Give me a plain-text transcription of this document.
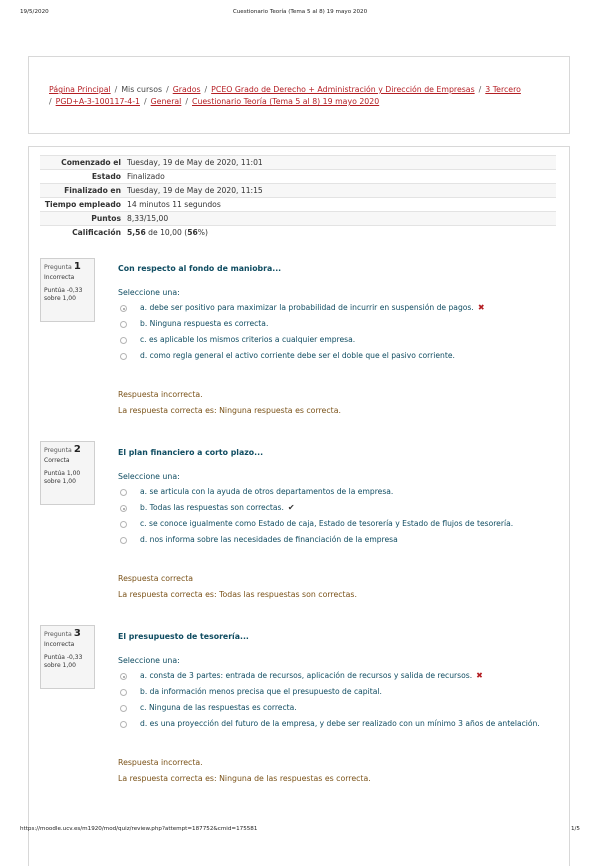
19/5/2020	Cuestionario Teoría (Tema 5 al 8) 19 mayo 2020
Página Principal / Mis cursos / Grados / PCEO Grado de Derecho + Administración y Dirección de Empresas / 3 Tercero
/ PGD+A-3-100117-4-1 / General / Cuestionario Teoría (Tema 5 al 8) 19 mayo 2020
Comenzado el	Tuesday, 19 de May de 2020, 11:01
Estado	Finalizado
Finalizado en	Tuesday, 19 de May de 2020, 11:15
Tiempo empleado	14 minutos 11 segundos
Puntos	8,33/15,00
Calificación	5,56 de 10,00 (56%)
Pregunta 1
Incorrecta
Puntúa -0,33
sobre 1,00
Con respecto al fondo de maniobra...
Seleccione una:
a. debe ser positivo para maximizar la probabilidad de incurrir en suspensión de pagos. ✖
b. Ninguna respuesta es correcta.
c. es aplicable los mismos criterios a cualquier empresa.
d. como regla general el activo corriente debe ser el doble que el pasivo corriente.
Respuesta incorrecta.
La respuesta correcta es: Ninguna respuesta es correcta.
Pregunta 2
Correcta
Puntúa 1,00
sobre 1,00
El plan financiero a corto plazo...
Seleccione una:
a. se articula con la ayuda de otros departamentos de la empresa.
b. Todas las respuestas son correctas. ✔
c. se conoce igualmente como Estado de caja, Estado de tesorería y Estado de flujos de tesorería.
d. nos informa sobre las necesidades de financiación de la empresa
Respuesta correcta
La respuesta correcta es: Todas las respuestas son correctas.
Pregunta 3
Incorrecta
Puntúa -0,33
sobre 1,00
El presupuesto de tesorería...
Seleccione una:
a. consta de 3 partes: entrada de recursos, aplicación de recursos y salida de recursos. ✖
b. da información menos precisa que el presupuesto de capital.
c. Ninguna de las respuestas es correcta.
d. es una proyección del futuro de la empresa, y debe ser realizado con un mínimo 3 años de antelación.
Respuesta incorrecta.
La respuesta correcta es: Ninguna de las respuestas es correcta.
https://moodle.ucv.es/m1920/mod/quiz/review.php?attempt=187752&cmid=175581	1/5
